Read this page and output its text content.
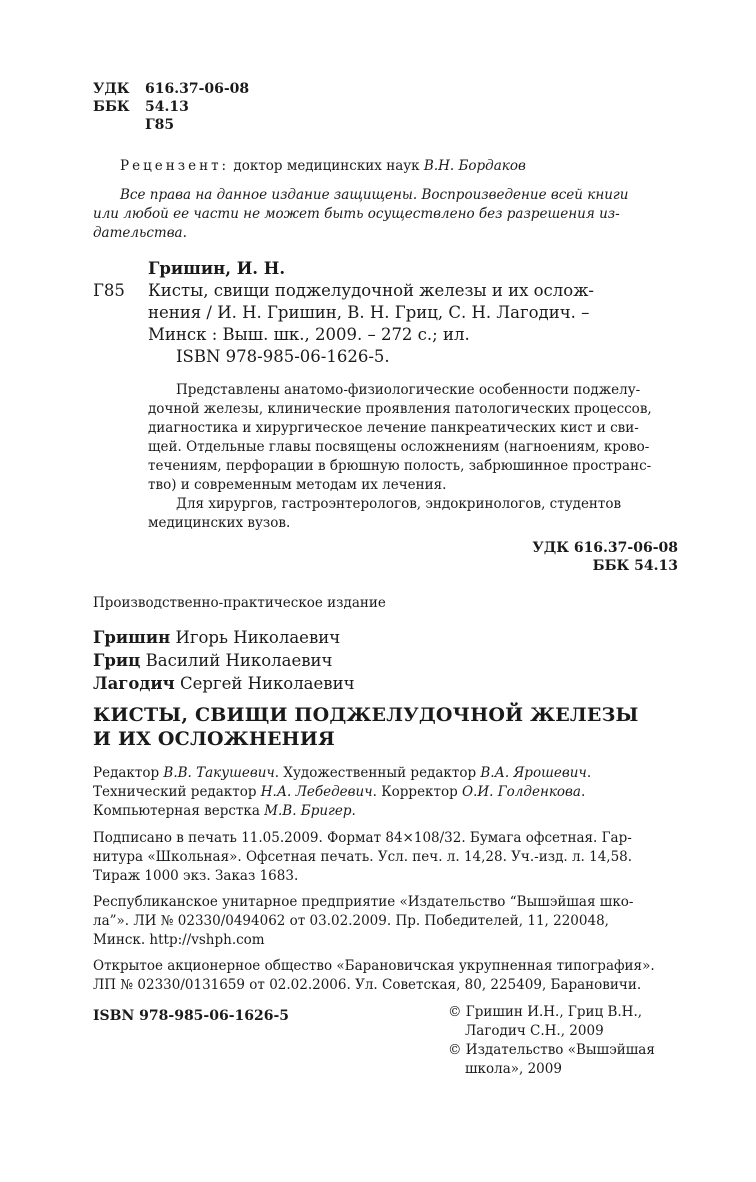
УДК 616.37-06-08
ББК 54.13
Г85
Рецензент: доктор медицинских наук В.Н. Бордаков
Все права на данное издание защищены. Воспроизведение всей книги
или любой ее части не может быть осуществлено без разрешения из-
дательства.
Гришин, И. Н.
Г85 Кисты, свищи поджелудочной железы и их ослож-
нения / И. Н. Гришин, В. Н. Гриц, С. Н. Лагодич. –
Минск : Выш. шк., 2009. – 272 с.; ил.
ISBN 978-985-06-1626-5.
Представлены анатомо-физиологические особенности поджелу-
дочной железы, клинические проявления патологических процессов,
диагностика и хирургическое лечение панкреатических кист и сви-
щей. Отдельные главы посвящены осложнениям (нагноениям, крово-
течениям, перфорации в брюшную полость, забрюшинное пространс-
тво) и современным методам их лечения.
Для хирургов, гастроэнтерологов, эндокринологов, студентов
медицинских вузов.
УДК 616.37-06-08
ББК 54.13
Производственно-практическое издание
Гришин Игорь Николаевич
Гриц Василий Николаевич
Лагодич Сергей Николаевич
КИСТЫ, СВИЩИ ПОДЖЕЛУДОЧНОЙ ЖЕЛЕЗЫ
И ИХ ОСЛОЖНЕНИЯ
Редактор В.В. Такушевич. Художественный редактор В.А. Ярошевич.
Технический редактор Н.А. Лебедевич. Корректор О.И. Голденкова.
Компьютерная верстка М.В. Бригер.
Подписано в печать 11.05.2009. Формат 84×108/32. Бумага офсетная. Гар-
нитура «Школьная». Офсетная печать. Усл. печ. л. 14,28. Уч.-изд. л. 14,58.
Тираж 1000 экз. Заказ 1683.
Республиканское унитарное предприятие «Издательство “Вышэйшая шко-
ла”». ЛИ № 02330/0494062 от 03.02.2009. Пр. Победителей, 11, 220048,
Минск. http://vshph.com
Открытое акционерное общество «Барановичская укрупненная типография».
ЛП № 02330/0131659 от 02.02.2006. Ул. Советская, 80, 225409, Барановичи.
ISBN 978-985-06-1626-5	© Гришин И.Н., Гриц В.Н.,
Лагодич С.Н., 2009
© Издательство «Вышэйшая
школа», 2009
